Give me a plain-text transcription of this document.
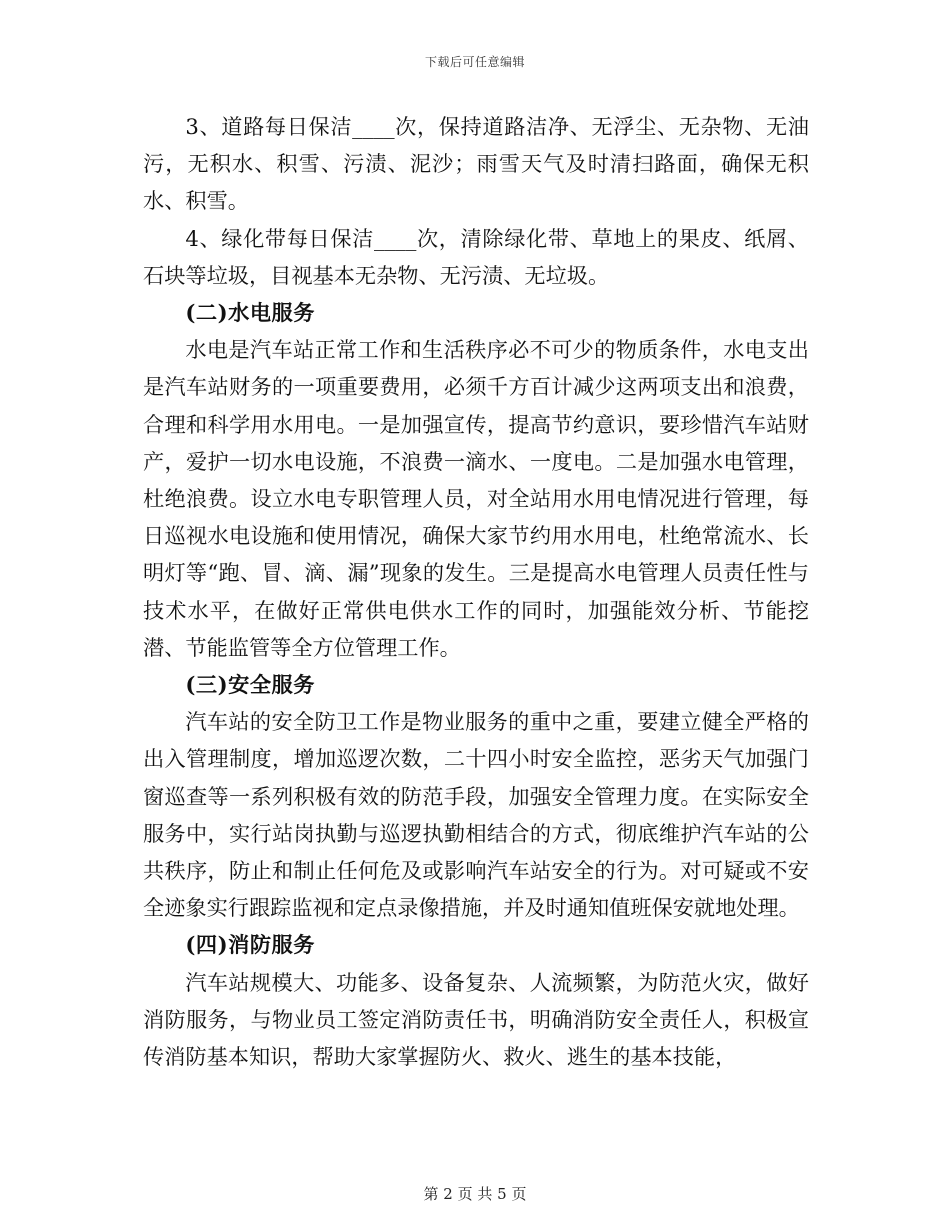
下载后可任意编辑

3、道路每日保洁____次，保持道路洁净、无浮尘、无杂物、无油污，无积水、积雪、污渍、泥沙；雨雪天气及时清扫路面，确保无积水、积雪。

4、绿化带每日保洁____次，清除绿化带、草地上的果皮、纸屑、石块等垃圾，目视基本无杂物、无污渍、无垃圾。

(二)水电服务

水电是汽车站正常工作和生活秩序必不可少的物质条件，水电支出是汽车站财务的一项重要费用，必须千方百计减少这两项支出和浪费，合理和科学用水用电。一是加强宣传，提高节约意识，要珍惜汽车站财产，爱护一切水电设施，不浪费一滴水、一度电。二是加强水电管理，杜绝浪费。设立水电专职管理人员，对全站用水用电情况进行管理，每日巡视水电设施和使用情况，确保大家节约用水用电，杜绝常流水、长明灯等“跑、冒、滴、漏”现象的发生。三是提高水电管理人员责任性与技术水平，在做好正常供电供水工作的同时，加强能效分析、节能挖潜、节能监管等全方位管理工作。

(三)安全服务

汽车站的安全防卫工作是物业服务的重中之重，要建立健全严格的出入管理制度，增加巡逻次数，二十四小时安全监控，恶劣天气加强门窗巡查等一系列积极有效的防范手段，加强安全管理力度。在实际安全服务中，实行站岗执勤与巡逻执勤相结合的方式，彻底维护汽车站的公共秩序，防止和制止任何危及或影响汽车站安全的行为。对可疑或不安全迹象实行跟踪监视和定点录像措施，并及时通知值班保安就地处理。

(四)消防服务

汽车站规模大、功能多、设备复杂、人流频繁，为防范火灾，做好消防服务，与物业员工签定消防责任书，明确消防安全责任人，积极宣传消防基本知识，帮助大家掌握防火、救火、逃生的基本技能，

第 2 页 共 5 页
